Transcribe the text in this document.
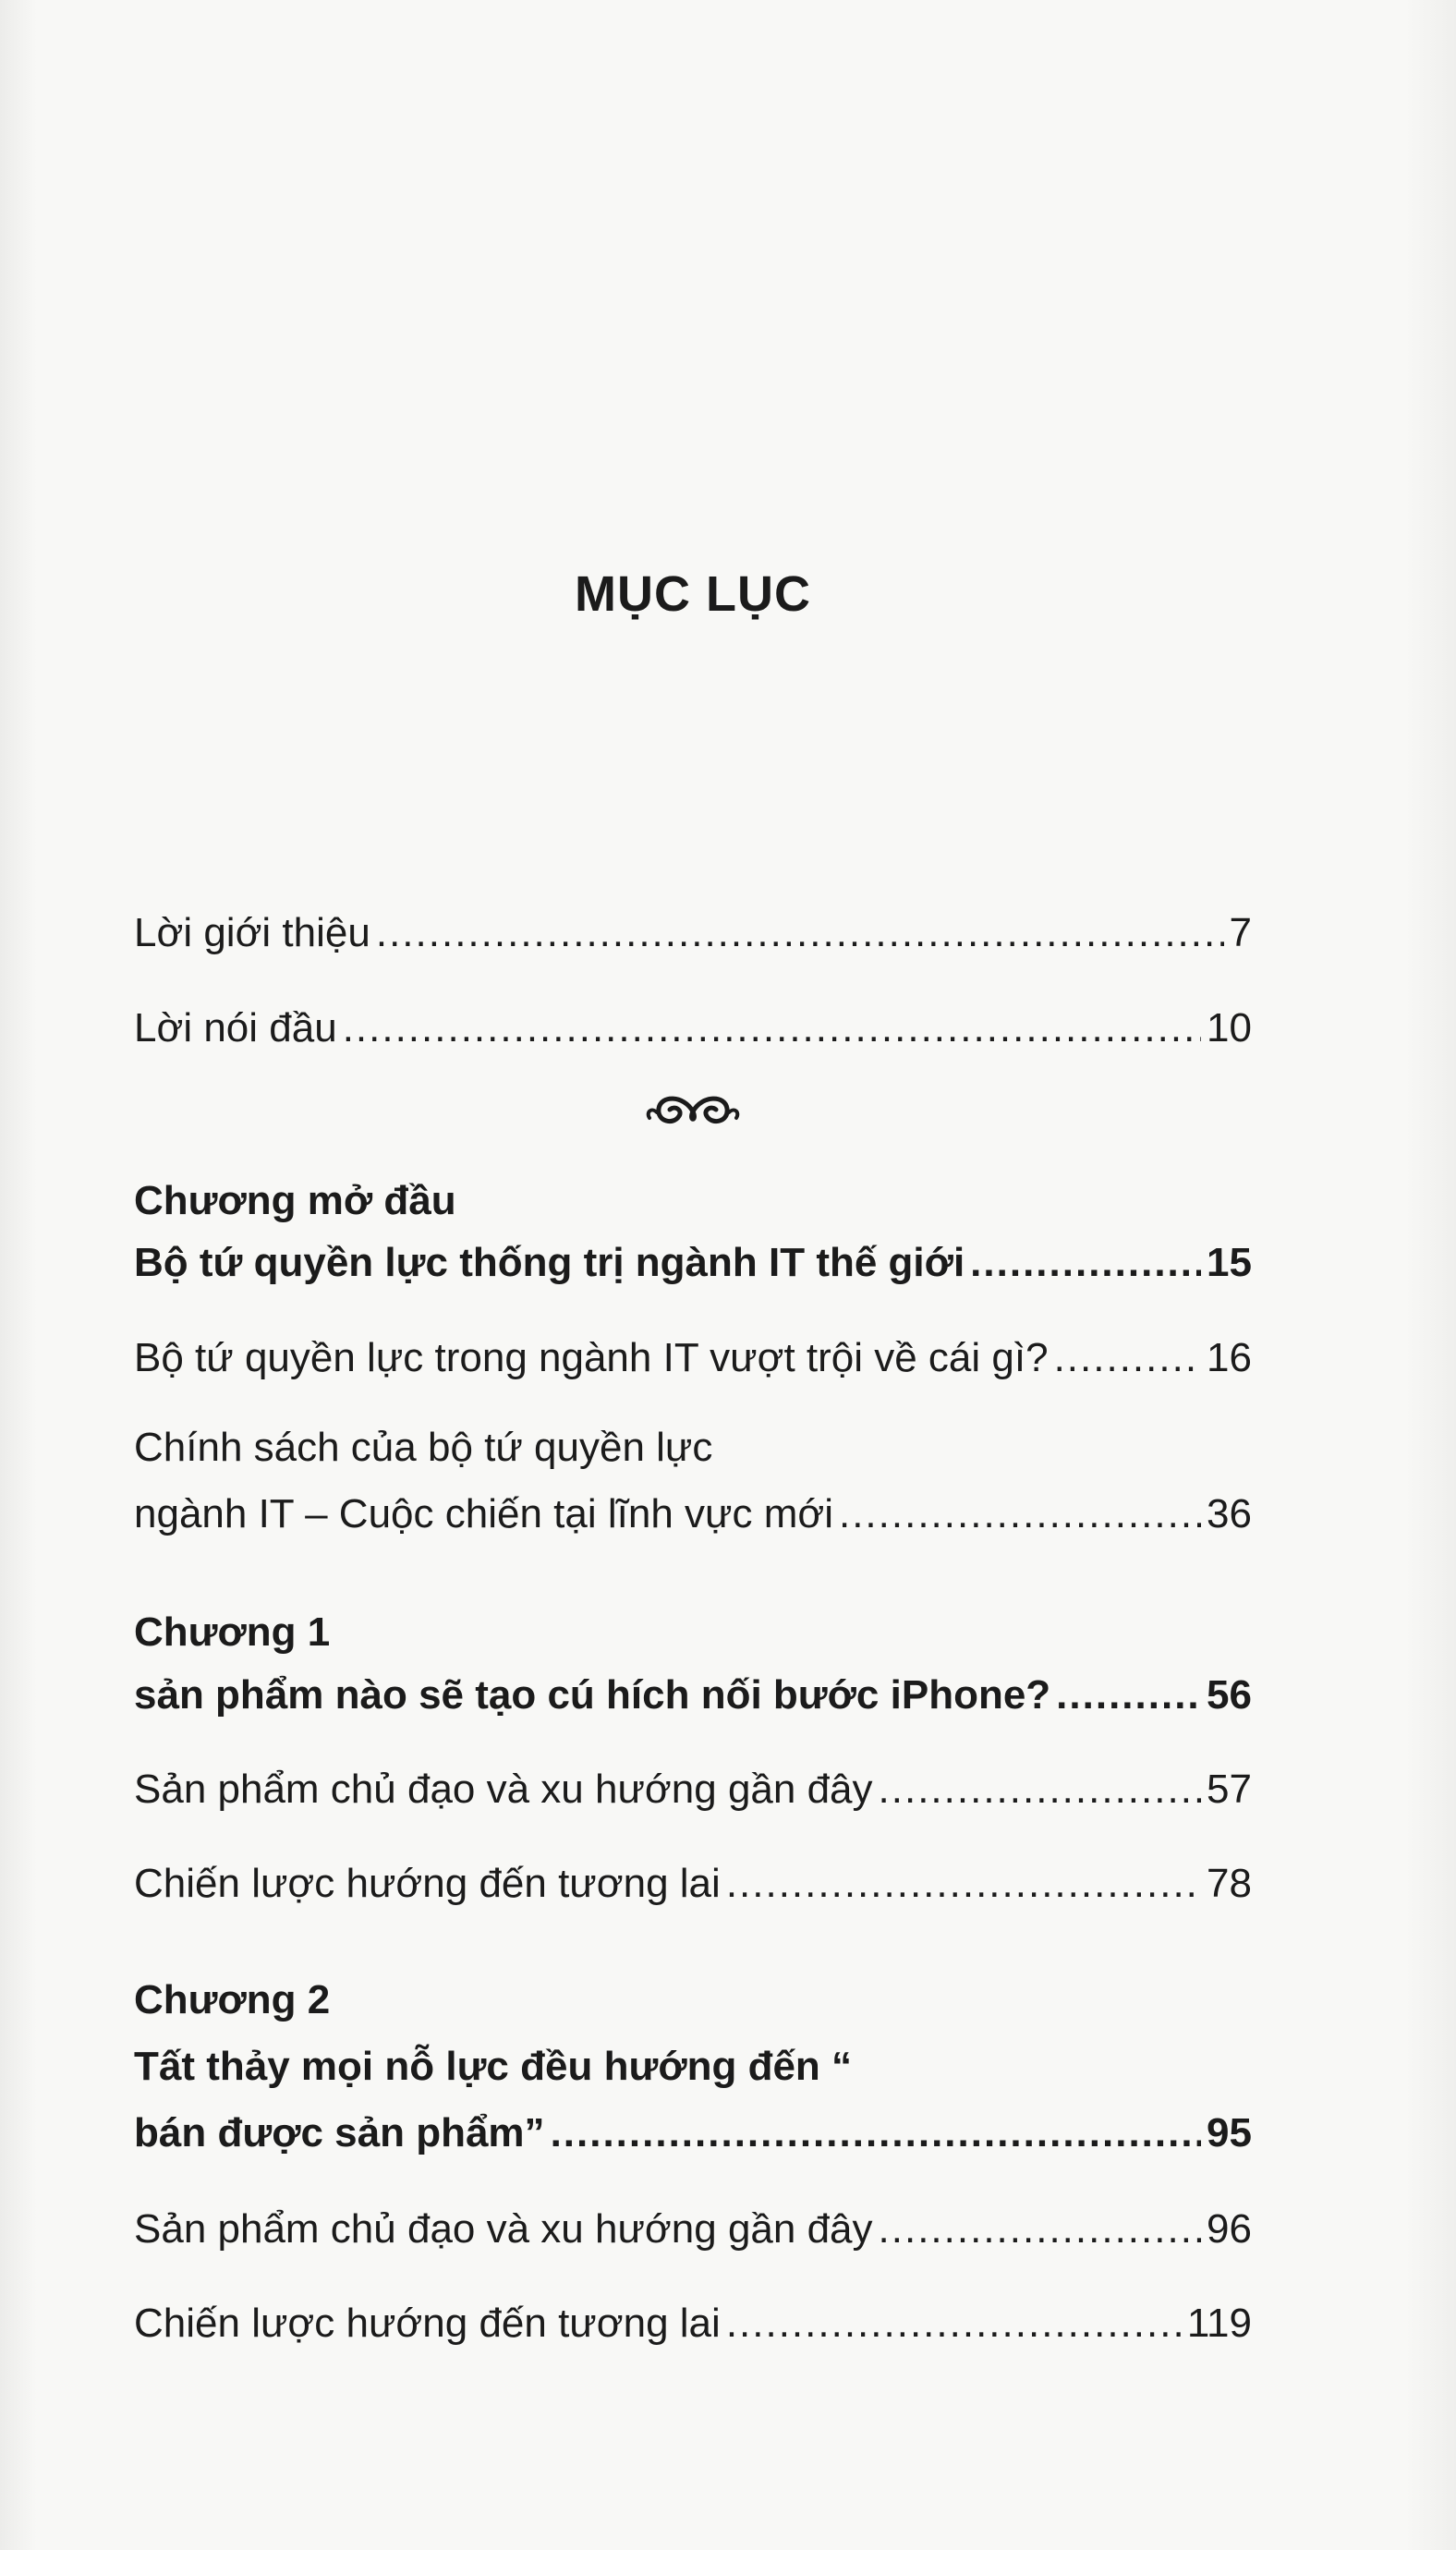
MỤC LỤC
Lời giới thiệu .....	7
Lời nói đầu .....	10
Chương mở đầu
Bộ tứ quyền lực thống trị ngành IT thế giới .....	15
Bộ tứ quyền lực trong ngành IT vượt trội về cái gì? .....	16
Chính sách của bộ tứ quyền lực
ngành IT – Cuộc chiến tại lĩnh vực mới .....	36
Chương 1
sản phẩm nào sẽ tạo cú hích nối bước iPhone? .....	56
Sản phẩm chủ đạo và xu hướng gần đây .....	57
Chiến lược hướng đến tương lai .....	78
Chương 2
Tất thảy mọi nỗ lực đều hướng đến “
bán được sản phẩm” .....	95
Sản phẩm chủ đạo và xu hướng gần đây .....	96
Chiến lược hướng đến tương lai .....	119
